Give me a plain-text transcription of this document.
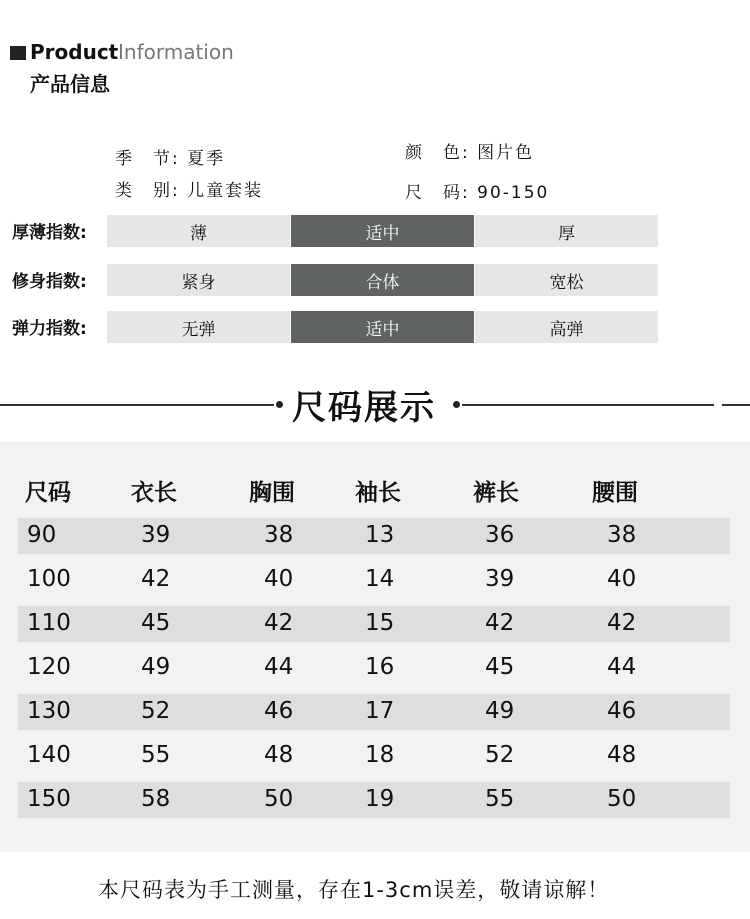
Product Information
产品信息
季　节: 夏季
类　别: 儿童套装
颜　色: 图片色
尺　码: 90-150
厚薄指数:	薄	适中	厚
修身指数:	紧身	合体	宽松
弹力指数:	无弹	适中	高弹
尺码展示
尺码	衣长	胸围	袖长	裤长	腰围
90	39	38	13	36	38
100	42	40	14	39	40
110	45	42	15	42	42
120	49	44	16	45	44
130	52	46	17	49	46
140	55	48	18	52	48
150	58	50	19	55	50
本尺码表为手工测量，存在1-3cm误差，敬请谅解！
